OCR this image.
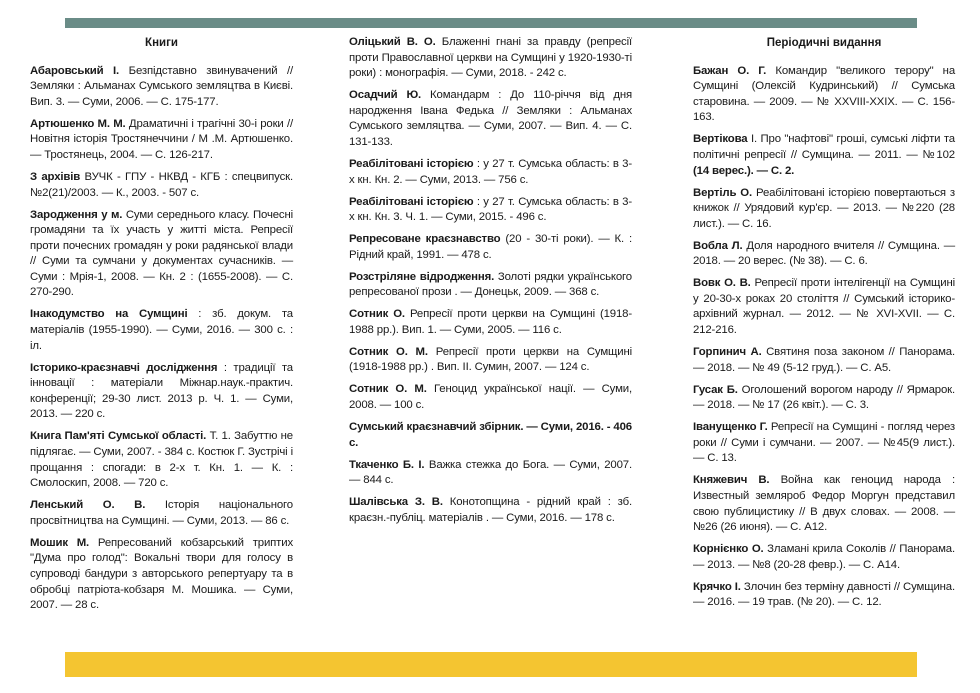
Книги
Абаровський І. Безпідставно звинувачений // Земляки : Альманах Сумського земляцтва в Києві. Вип. 3. — Суми, 2006. — С. 175-177.
Артюшенко М. М. Драматичні і трагічні 30-і роки // Новітня історія Тростянеччини / М .М. Артюшенко. — Тростянець, 2004. — С. 126-217.
З архівів ВУЧК - ГПУ - НКВД - КГБ : спецвипуск. №2(21)/2003. — К., 2003. - 507 с.
Зародження у м. Суми середнього класу. Почесні громадяни та їх участь у житті міста. Репресії проти почесних громадян у роки радянської влади // Суми та сумчани у документах сучасників. — Суми : Мрія-1, 2008. — Кн. 2 : (1655-2008). — С. 270-290.
Інакодумство на Сумщині : зб. докум. та матеріалів (1955-1990). — Суми, 2016. — 300 с. : іл.
Історико-краєзнавчі дослідження : традиції та інновації : матеріали Міжнар.наук.-практич. конференції; 29-30 лист. 2013 р. Ч. 1. — Суми, 2013. — 220 с.
Книга Пам'яті Сумської області. Т. 1. Забуттю не підлягає. — Суми, 2007. - 384 с. Костюк Г. Зустрічі і прощання : спогади: в 2-х т. Кн. 1. — К. : Смолоскип, 2008. — 720 с.
Ленський О. В. Історія національного просвітництва на Сумщині. — Суми, 2013. — 86 с.
Мошик М. Репресований кобзарський триптих "Дума про голод": Вокальні твори для голосу в супроводі бандури з авторського репертуару та в обробці патріота-кобзаря М. Мошика. — Суми, 2007. — 28 с.
Оліцький В. О. Блаженні гнані за правду (репресії проти Православної церкви на Сумщині у 1920-1930-ті роки) : монографія. — Суми, 2018. - 242 с.
Осадчий Ю. Командарм : До 110-річчя від дня народження Івана Федька // Земляки : Альманах Сумського земляцтва. — Суми, 2007. — Вип. 4. — С. 131-133.
Реабілітовані історією : у 27 т. Сумська область: в 3-х кн. Кн. 2. — Суми, 2013. — 756 с.
Реабілітовані історією : у 27 т. Сумська область: в 3-х кн. Кн. 3. Ч. 1. — Суми, 2015. - 496 с.
Репресоване краєзнавство (20 - 30-ті роки). — К. : Рідний край, 1991. — 478 с.
Розстріляне відродження. Золоті рядки українського репресованої прози . — Донецьк, 2009. — 368 с.
Сотник О. Репресії проти церкви на Сумщині (1918-1988 рр.). Вип. 1. — Суми, 2005. — 116 с.
Сотник О. М. Репресії проти церкви на Сумщині (1918-1988 рр.) . Вип. II. Сумин, 2007. — 124 с.
Сотник О. М. Геноцид української нації. — Суми, 2008. — 100 с.
Сумський краєзнавчий збірник. — Суми, 2016. - 406 с.
Ткаченко Б. І. Важка стежка до Бога. — Суми, 2007. — 844 с.
Шалівська З. В. Конотопщина - рідний край : зб. краєзн.-публіц. матеріалів . — Суми, 2016. — 178 с.
Періодичні видання
Бажан О. Г. Командир "великого терору" на Сумщині (Олексій Кудринський) // Сумська старовина. — 2009. — № XXVIII-XXIX. — С. 156-163.
Вертікова І. Про "нафтові" гроші, сумські ліфти та політичні репресії // Сумщина. — 2011. — №102 (14 верес.). — С. 2.
Вертіль О. Реабілітовані історією повертаються з книжок // Урядовий кур'єр. — 2013. — №220 (28 лист.). — С. 16.
Вобла Л. Доля народного вчителя // Сумщина. — 2018. — 20 верес. (№ 38). — С. 6.
Вовк О. В. Репресії проти інтелігенції на Сумщині у 20-30-х роках 20 століття // Сумський історико-архівний журнал. — 2012. — № XVI-XVII. — С. 212-216.
Горпинич А. Святиня поза законом // Панорама. — 2018. — № 49 (5-12 груд.). — С. А5.
Гусак Б. Оголошений ворогом народу // Ярмарок. — 2018. — № 17 (26 квіт.). — С. 3.
Іванущенко Г. Репресії на Сумщині - погляд через роки // Суми і сумчани. — 2007. — №45(9 лист.). — С. 13.
Княжевич В. Война как геноцид народа : Известный земляроб Федор Моргун представил свою публицистику // В двух словах. — 2008. — №26 (26 июня). — С. А12.
Корнієнко О. Зламані крила Соколів // Панорама. — 2013. — №8 (20-28 февр.). — С. А14.
Крячко І. Злочин без терміну давності // Сумщина. — 2016. — 19 трав. (№ 20). — С. 12.
